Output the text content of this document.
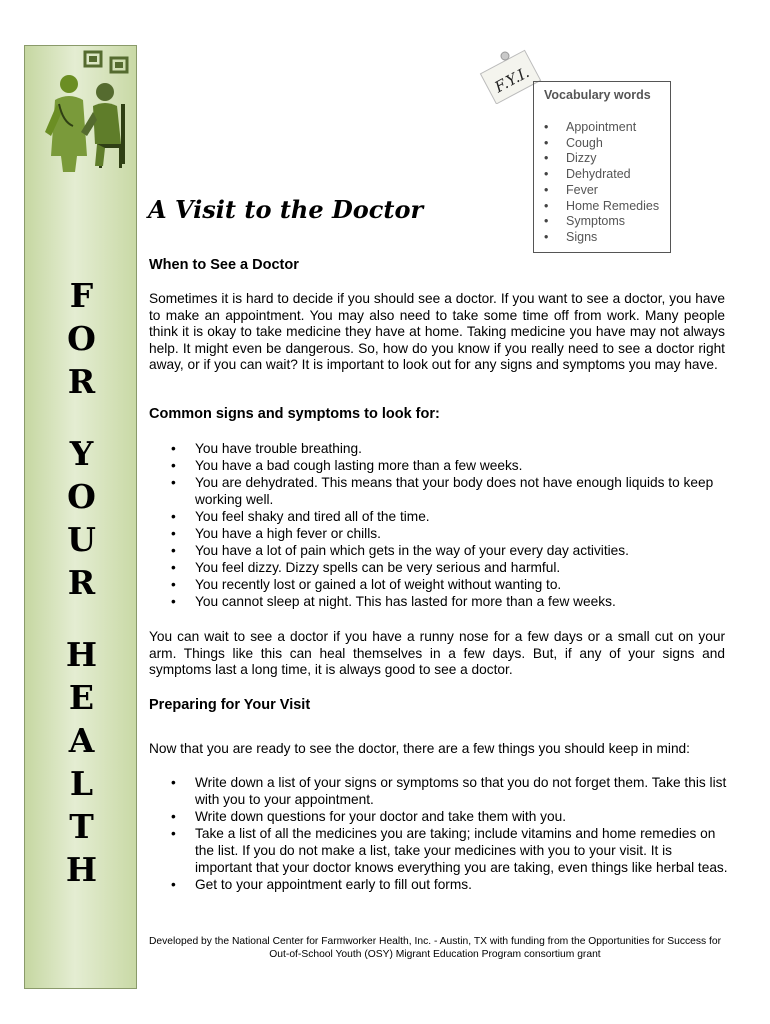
F
O
R
Y
O
U
R
H
E
A
L
T
H
F.Y.I. Vocabulary words
• Appointment
• Cough
• Dizzy
• Dehydrated
• Fever
• Home Remedies
• Symptoms
• Signs
A Visit to the Doctor
When to See a Doctor
Sometimes it is hard to decide if you should see a doctor. If you want to see a doctor, you have to make an appointment. You may also need to take some time off from work. Many people think it is okay to take medicine they have at home. Taking medicine you have may not always help. It might even be dangerous. So, how do you know if you really need to see a doctor right away, or if you can wait? It is important to look out for any signs and symptoms you may have.
Common signs and symptoms to look for:
• You have trouble breathing.
• You have a bad cough lasting more than a few weeks.
• You are dehydrated. This means that your body does not have enough liquids to keep working well.
• You feel shaky and tired all of the time.
• You have a high fever or chills.
• You have a lot of pain which gets in the way of your every day activities.
• You feel dizzy. Dizzy spells can be very serious and harmful.
• You recently lost or gained a lot of weight without wanting to.
• You cannot sleep at night. This has lasted for more than a few weeks.
You can wait to see a doctor if you have a runny nose for a few days or a small cut on your arm. Things like this can heal themselves in a few days. But, if any of your signs and symptoms last a long time, it is always good to see a doctor.
Preparing for Your Visit
Now that you are ready to see the doctor, there are a few things you should keep in mind:
• Write down a list of your signs or symptoms so that you do not forget them. Take this list with you to your appointment.
• Write down questions for your doctor and take them with you.
• Take a list of all the medicines you are taking; include vitamins and home remedies on the list. If you do not make a list, take your medicines with you to your visit. It is important that your doctor knows everything you are taking, even things like herbal teas.
• Get to your appointment early to fill out forms.
Developed by the National Center for Farmworker Health, Inc. - Austin, TX with funding from the Opportunities for Success for
Out-of-School Youth (OSY) Migrant Education Program consortium grant
